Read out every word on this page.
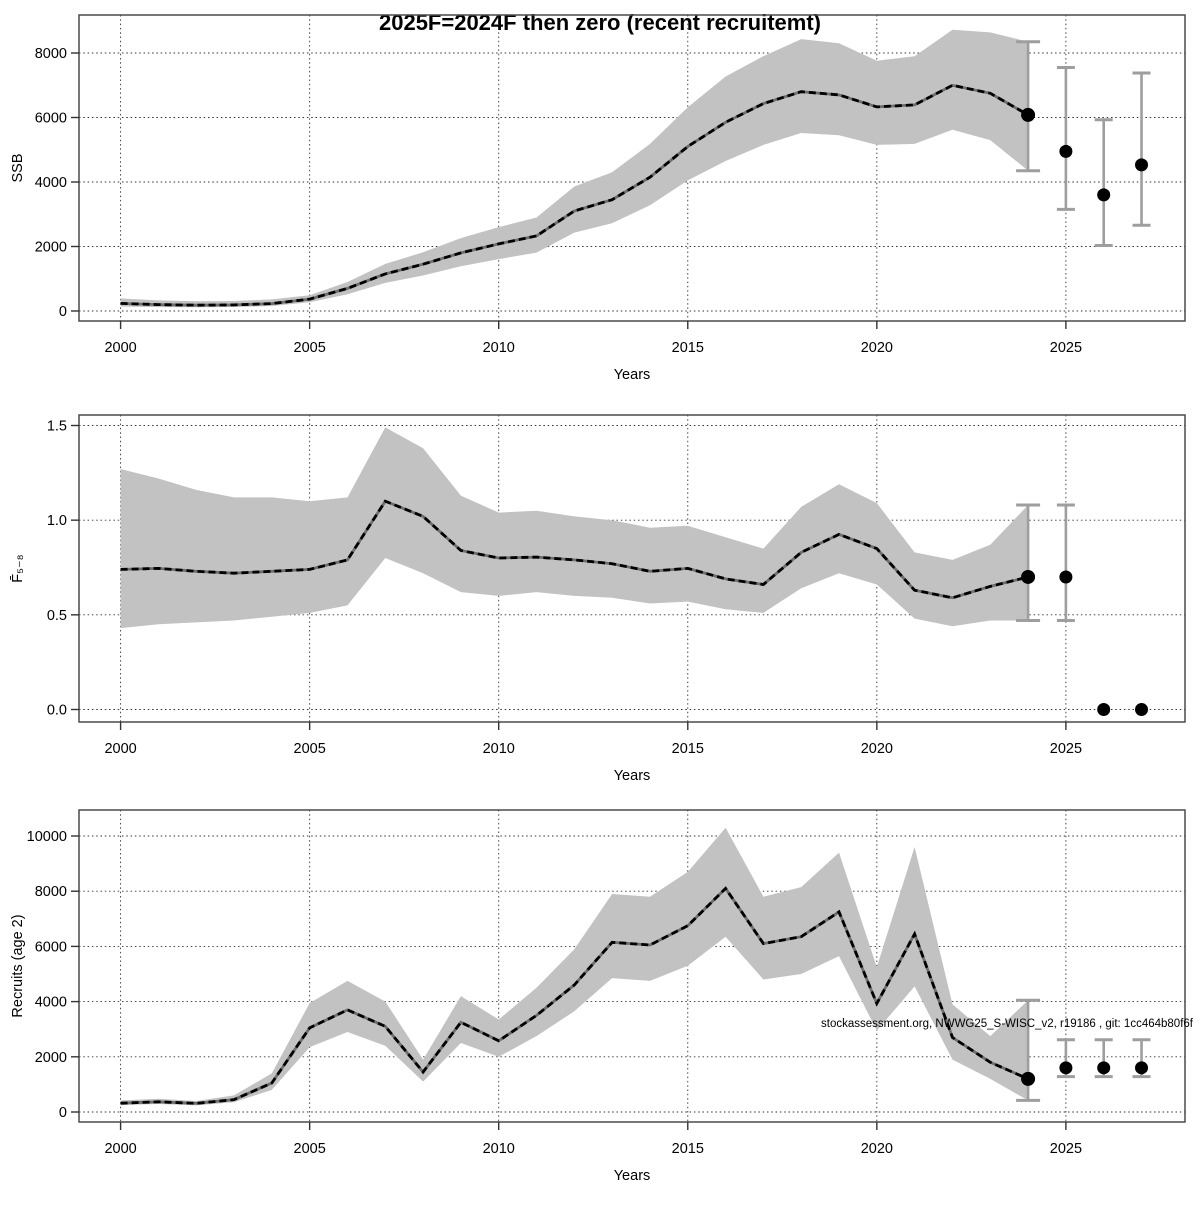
2025F=2024F then zero (recent recruitemt)
2000	2005	2010	2015	2020	2025
0
2000
4000
6000
8000
Years
SSB
2000	2005	2010	2015	2020	2025
0.0
0.5
1.0
1.5
Years
F̄₅₋₈
2000	2005	2010	2015	2020	2025
0
2000
4000
6000
8000
10000
Years
Recruits (age 2)
stockassessment.org, NWWG25_S-WISC_v2, r19186 , git: 1cc464b80f6f
